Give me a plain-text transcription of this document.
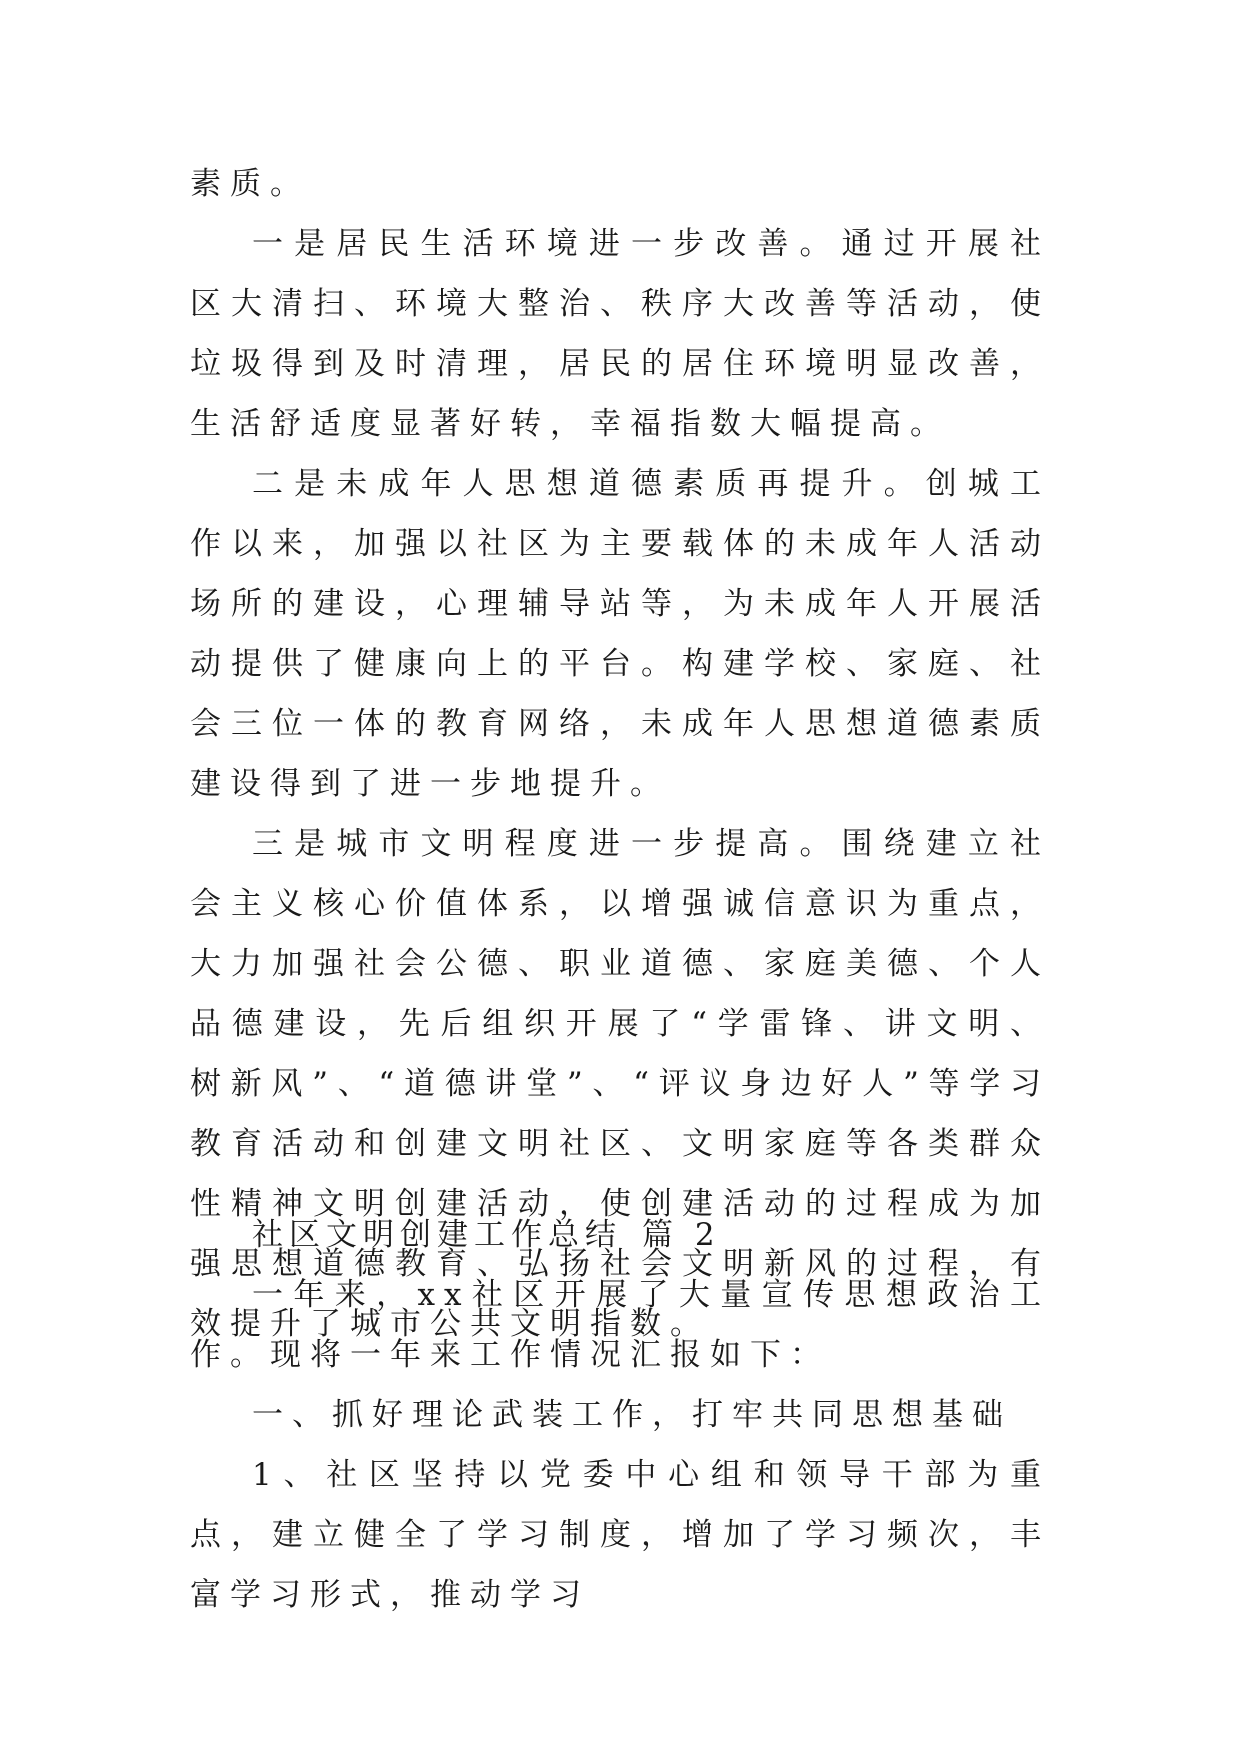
素质。

一是居民生活环境进一步改善。通过开展社区大清扫、环境大整治、秩序大改善等活动，使垃圾得到及时清理，居民的居住环境明显改善，生活舒适度显著好转，幸福指数大幅提高。

二是未成年人思想道德素质再提升。创城工作以来，加强以社区为主要载体的未成年人活动场所的建设，心理辅导站等，为未成年人开展活动提供了健康向上的平台。构建学校、家庭、社会三位一体的教育网络，未成年人思想道德素质建设得到了进一步地提升。

三是城市文明程度进一步提高。围绕建立社会主义核心价值体系，以增强诚信意识为重点，大力加强社会公德、职业道德、家庭美德、个人品德建设，先后组织开展了“学雷锋、讲文明、树新风”、“道德讲堂”、“评议身边好人”等学习教育活动和创建文明社区、文明家庭等各类群众性精神文明创建活动，使创建活动的过程成为加强思想道德教育、弘扬社会文明新风的过程，有效提升了城市公共文明指数。

社区文明创建工作总结 篇 2

一年来，xx社区开展了大量宣传思想政治工作。现将一年来工作情况汇报如下：

一、抓好理论武装工作，打牢共同思想基础

1、社区坚持以党委中心组和领导干部为重点，建立健全了学习制度，增加了学习频次，丰富学习形式，推动学习
